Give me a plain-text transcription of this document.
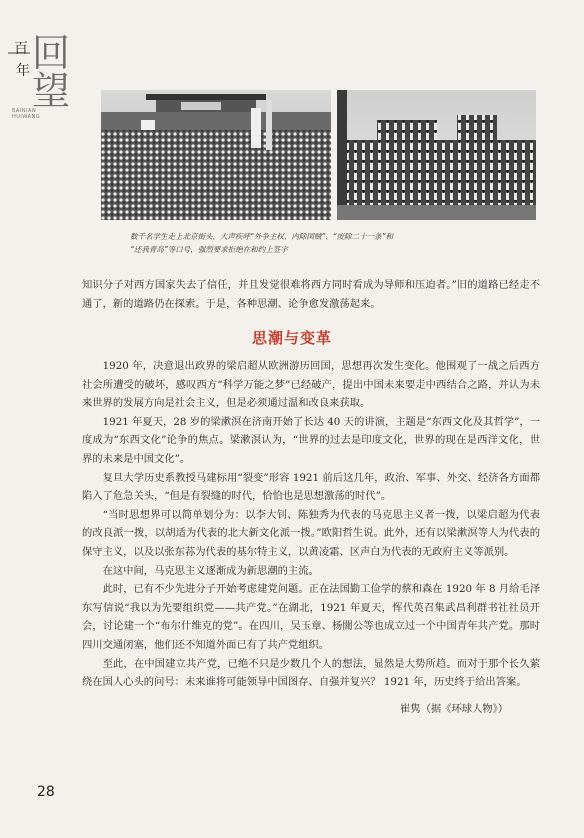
百
年 回望
BAINIAN
HUIWANG
数千名学生走上北京街头，大声疾呼“外争主权、内除国贼”、“废除二十一条”和
“还我青岛”等口号，强烈要求拒绝在和约上签字

知识分子对西方国家失去了信任，并且发觉很难将西方同时看成为导师和压迫者。”旧的道路已经走不通了，新的道路仍在探索。于是，各种思潮、论争愈发激荡起来。

思潮与变革

1920 年，决意退出政界的梁启超从欧洲游历回国，思想再次发生变化。他围观了一战之后西方社会所遭受的破坏，感叹西方“科学万能之梦”已经破产，提出中国未来要走中西结合之路，并认为未来世界的发展方向是社会主义，但是必须通过温和改良来获取。

1921 年夏天，28 岁的梁漱溟在济南开始了长达 40 天的讲演，主题是“东西文化及其哲学”，一度成为“东西文化”论争的焦点。梁漱溟认为，“世界的过去是印度文化，世界的现在是西洋文化，世界的未来是中国文化”。

复旦大学历史系教授马建标用“裂变”形容 1921 前后这几年，政治、军事、外交、经济各方面都陷入了危急关头，“但是有裂缝的时代，恰恰也是思想激荡的时代”。

“当时思想界可以简单划分为：以李大钊、陈独秀为代表的马克思主义者一拨，以梁启超为代表的改良派一拨，以胡适为代表的北大新文化派一拨。”欧阳哲生说。此外，还有以梁漱溟等人为代表的保守主义，以及以张东荪为代表的基尔特主义，以黄凌霜、区声白为代表的无政府主义等派别。

在这中间，马克思主义逐渐成为新思潮的主流。

此时，已有不少先进分子开始考虑建党问题。正在法国勤工俭学的蔡和森在 1920 年 8 月给毛泽东写信说“我以为先要组织党——共产党。”在湖北，1921 年夏天，恽代英召集武昌利群书社社员开会，讨论建一个“布尔什维克的党”。在四川，吴玉章、杨闇公等也成立过一个中国青年共产党。那时四川交通闭塞，他们还不知道外面已有了共产党组织。

至此，在中国建立共产党，已绝不只是少数几个人的想法，显然是大势所趋。而对于那个长久萦绕在国人心头的问号：未来谁将可能领导中国图存、自强并复兴？ 1921 年，历史终于给出答案。

崔隽（据《环球人物》）
28
